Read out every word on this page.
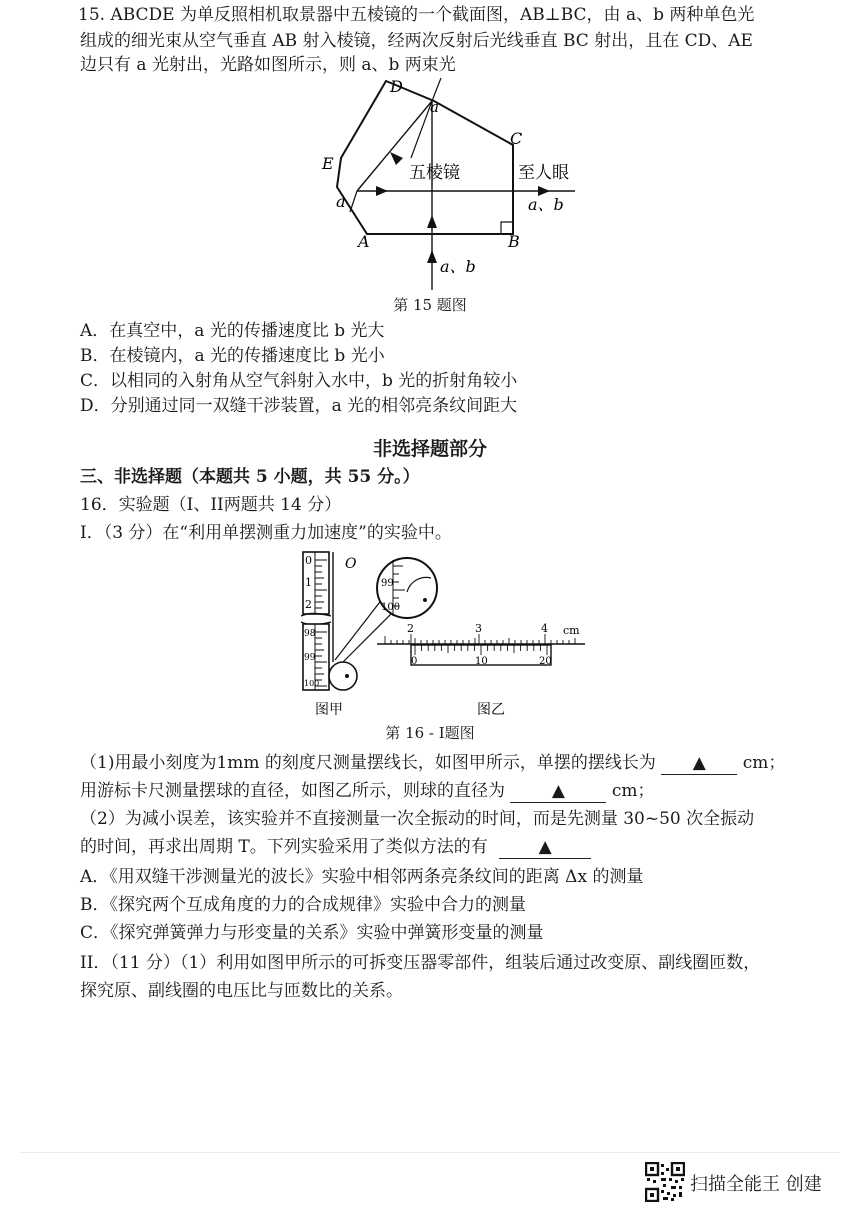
15. ABCDE 为单反照相机取景器中五棱镜的一个截面图，AB⊥BC，由 a、b 两种单色光
组成的细光束从空气垂直 AB 射入棱镜，经两次反射后光线垂直 BC 射出，且在 CD、AE
边只有 a 光射出，光路如图所示，则 a、b 两束光
D
a
C
E
a
A	B
五棱镜	至人眼
a、b
a、b
第 15 题图
A．在真空中，a 光的传播速度比 b 光大
B．在棱镜内，a 光的传播速度比 b 光小
C．以相同的入射角从空气斜射入水中，b 光的折射角较小
D．分别通过同一双缝干涉装置，a 光的相邻亮条纹间距大
非选择题部分
三、非选择题（本题共 5 小题，共 55 分。）
16．实验题（I、II两题共 14 分）
I．（3 分）在“利用单摆测重力加速度”的实验中。
0
1
2
98
99
100
O
99
100
2	3	4 cm
0	10	20
图甲	图乙
第 16 - I题图
（1)用最小刻度为1mm 的刻度尺测量摆线长，如图甲所示，单摆的摆线长为 ▲ cm；
用游标卡尺测量摆球的直径，如图乙所示，则球的直径为	▲	cm；
（2）为减小误差，该实验并不直接测量一次全振动的时间，而是先测量 30~50 次全振动
的时间，再求出周期 T。下列实验采用了类似方法的有	▲
A．《用双缝干涉测量光的波长》实验中相邻两条亮条纹间的距离 Δx 的测量
B．《探究两个互成角度的力的合成规律》实验中合力的测量
C．《探究弹簧弹力与形变量的关系》实验中弹簧形变量的测量
II．（11 分）（1）利用如图甲所示的可拆变压器零部件，组装后通过改变原、副线圈匝数，
探究原、副线圈的电压比与匝数比的关系。
扫描全能王 创建
